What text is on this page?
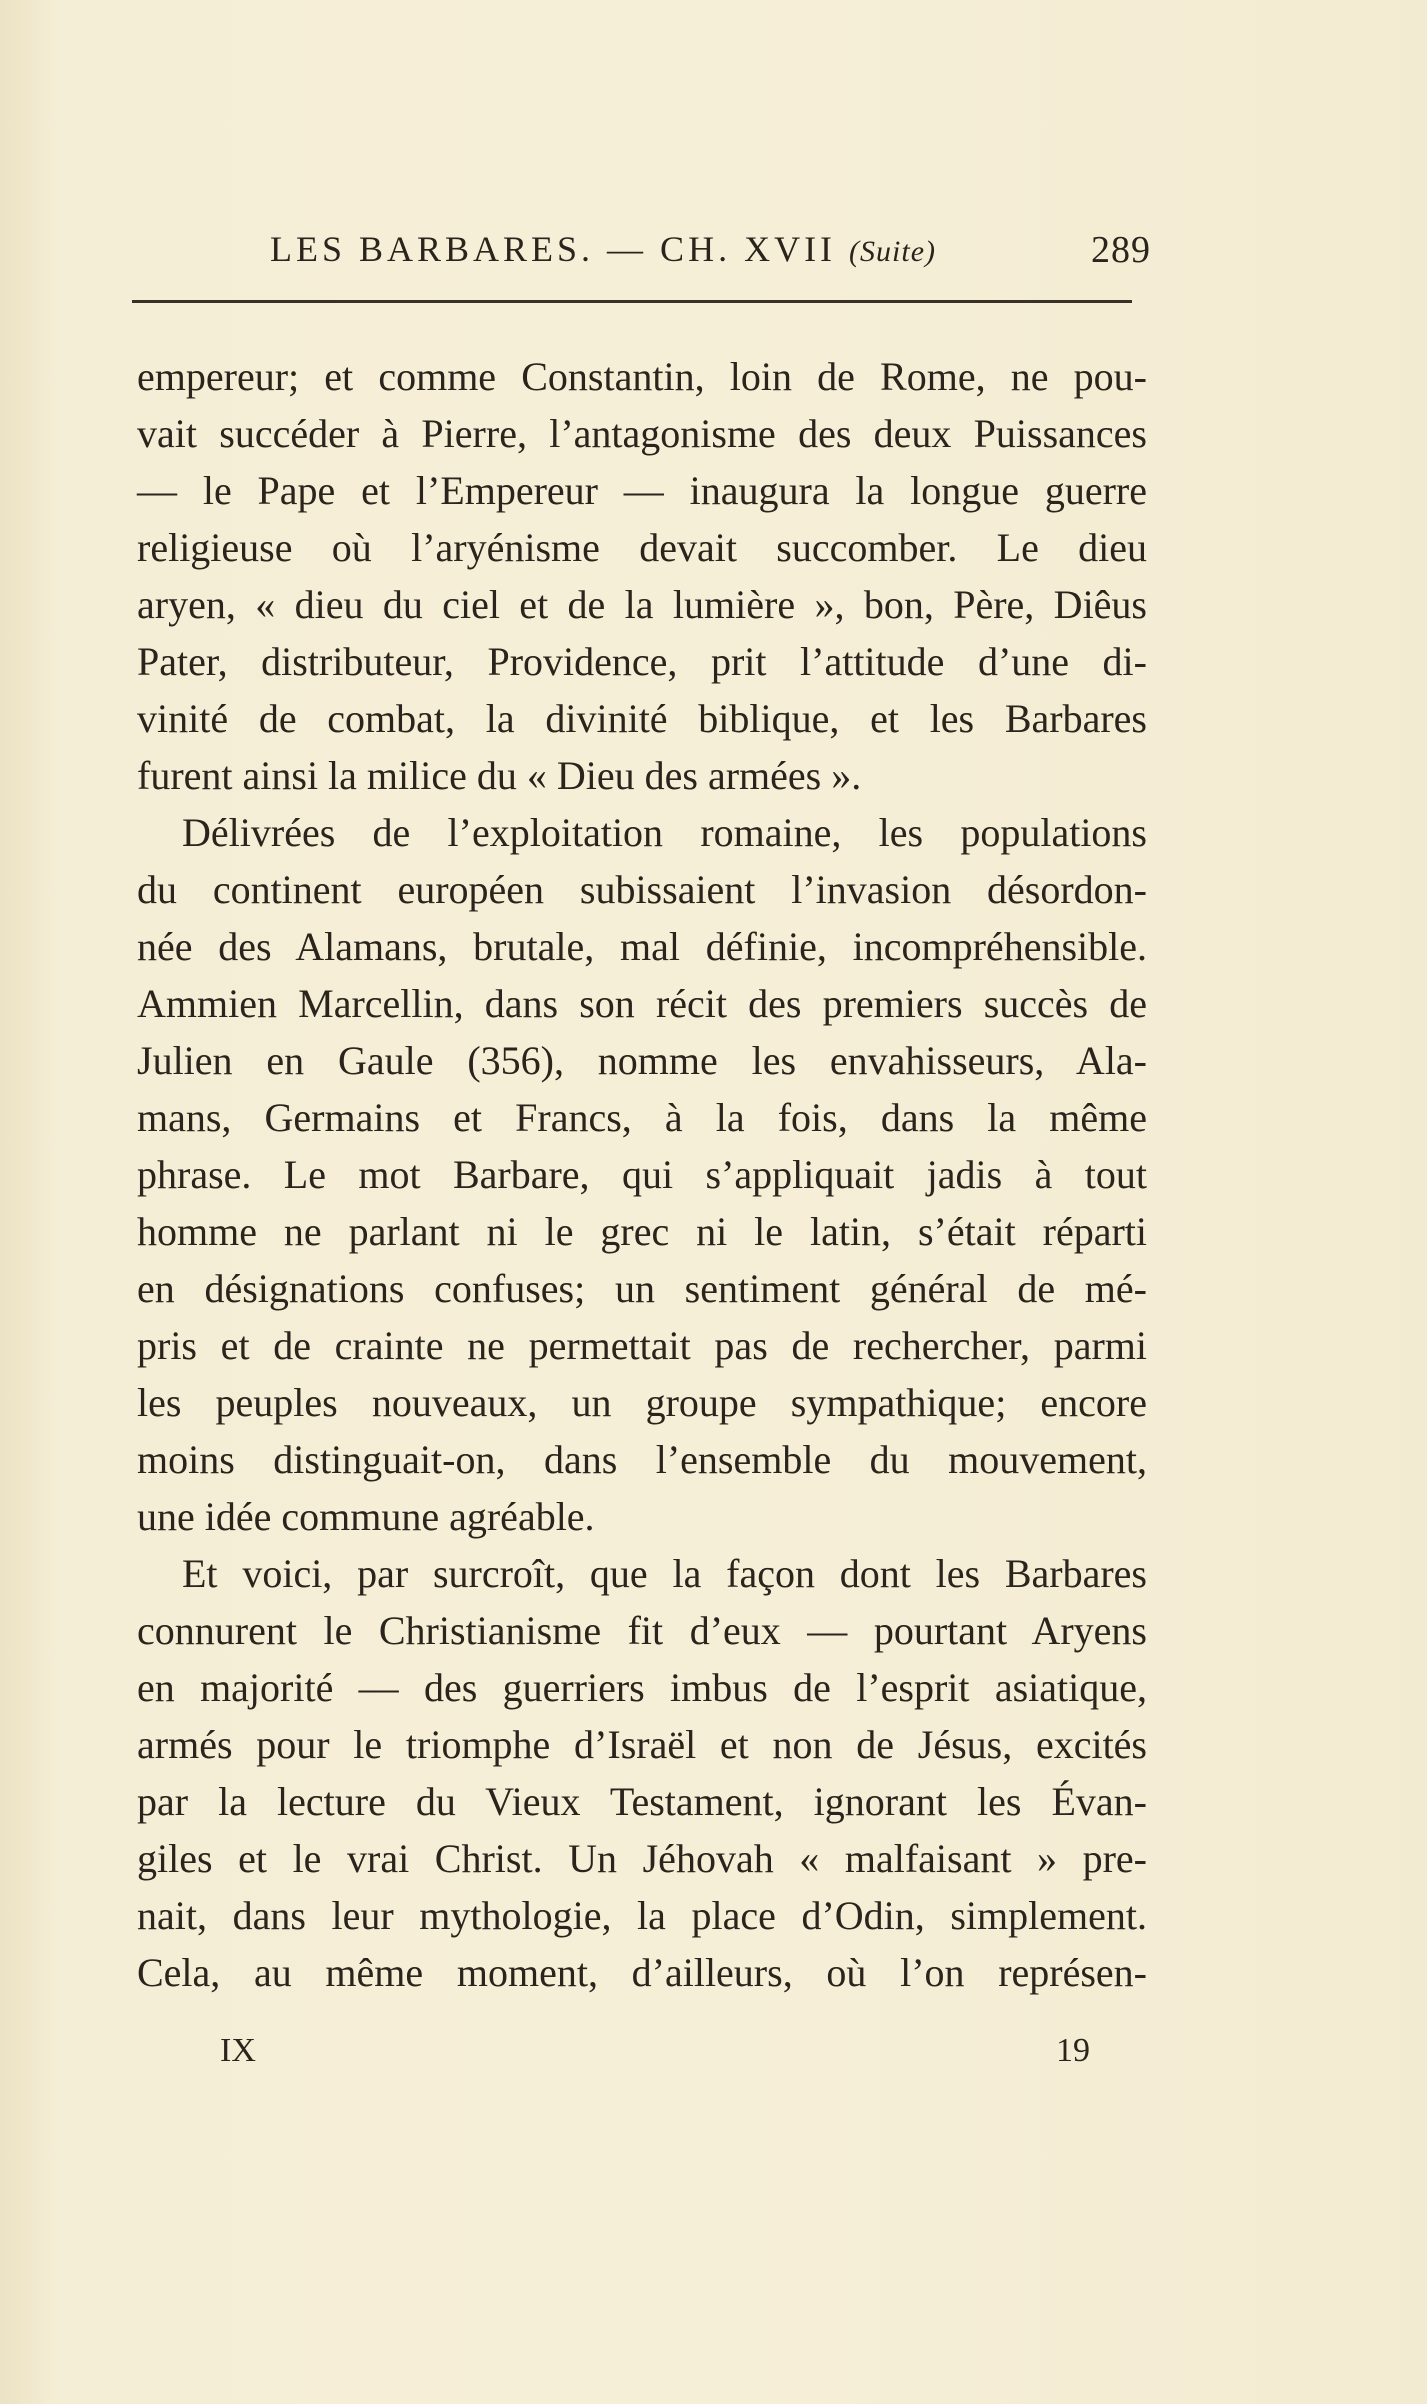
LES BARBARES. — CH. XVII (Suite)	289
empereur; et comme Constantin, loin de Rome, ne pou-
vait succéder à Pierre, l’antagonisme des deux Puissances
— le Pape et l’Empereur — inaugura la longue guerre
religieuse où l’aryénisme devait succomber. Le dieu
aryen, « dieu du ciel et de la lumière », bon, Père, Diêus
Pater, distributeur, Providence, prit l’attitude d’une di-
vinité de combat, la divinité biblique, et les Barbares
furent ainsi la milice du « Dieu des armées ».
Délivrées de l’exploitation romaine, les populations
du continent européen subissaient l’invasion désordon-
née des Alamans, brutale, mal définie, incompréhensible.
Ammien Marcellin, dans son récit des premiers succès de
Julien en Gaule (356), nomme les envahisseurs, Ala-
mans, Germains et Francs, à la fois, dans la même
phrase. Le mot Barbare, qui s’appliquait jadis à tout
homme ne parlant ni le grec ni le latin, s’était réparti
en désignations confuses; un sentiment général de mé-
pris et de crainte ne permettait pas de rechercher, parmi
les peuples nouveaux, un groupe sympathique; encore
moins distinguait-on, dans l’ensemble du mouvement,
une idée commune agréable.
Et voici, par surcroît, que la façon dont les Barbares
connurent le Christianisme fit d’eux — pourtant Aryens
en majorité — des guerriers imbus de l’esprit asiatique,
armés pour le triomphe d’Israël et non de Jésus, excités
par la lecture du Vieux Testament, ignorant les Évan-
giles et le vrai Christ. Un Jéhovah « malfaisant » pre-
nait, dans leur mythologie, la place d’Odin, simplement.
Cela, au même moment, d’ailleurs, où l’on représen-
IX	19
